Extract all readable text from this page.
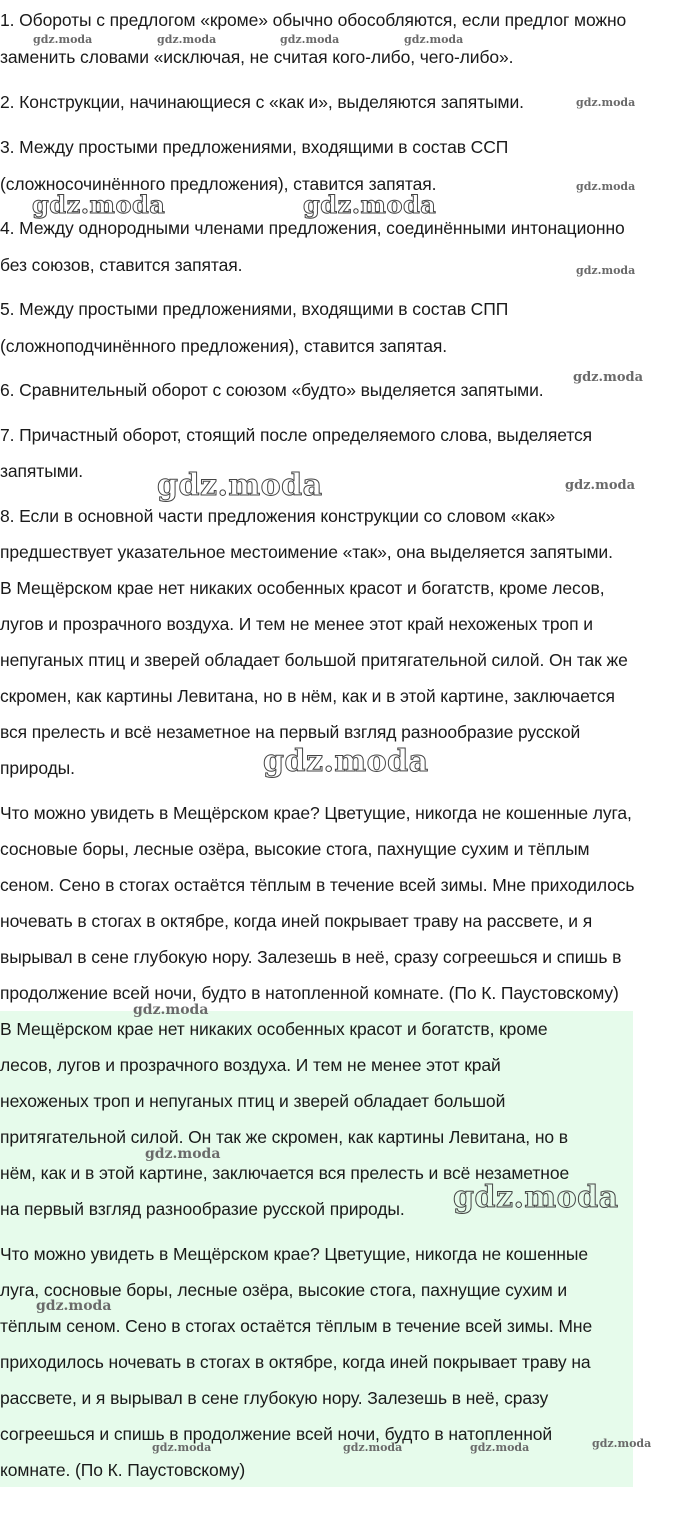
1. Обороты с предлогом «кроме» обычно обособляются, если предлог можно

заменить словами «исключая, не считая кого-либо, чего-либо».

2. Конструкции, начинающиеся с «как и», выделяются запятыми.

3. Между простыми предложениями, входящими в состав ССП

(сложносочинённого предложения), ставится запятая.

4. Между однородными членами предложения, соединёнными интонационно

без союзов, ставится запятая.

5. Между простыми предложениями, входящими в состав СПП

(сложноподчинённого предложения), ставится запятая.

6. Сравнительный оборот с союзом «будто» выделяется запятыми.

7. Причастный оборот, стоящий после определяемого слова, выделяется

запятыми.

8. Если в основной части предложения конструкции со словом «как»

предшествует указательное местоимение «так», она выделяется запятыми.

В Мещёрском крае нет никаких особенных красот и богатств, кроме лесов,

лугов и прозрачного воздуха. И тем не менее этот край нехоженых троп и

непуганых птиц и зверей обладает большой притягательной силой. Он так же

скромен, как картины Левитана, но в нём, как и в этой картине, заключается

вся прелесть и всё незаметное на первый взгляд разнообразие русской

природы.

Что можно увидеть в Мещёрском крае? Цветущие, никогда не кошенные луга,

сосновые боры, лесные озёра, высокие стога, пахнущие сухим и тёплым

сеном. Сено в стогах остаётся тёплым в течение всей зимы. Мне приходилось

ночевать в стогах в октябре, когда иней покрывает траву на рассвете, и я

вырывал в сене глубокую нору. Залезешь в неё, сразу согреешься и спишь в

продолжение всей ночи, будто в натопленной комнате. (По К. Паустовскому)

В Мещёрском крае нет никаких особенных красот и богатств, кроме

лесов, лугов и прозрачного воздуха. И тем не менее этот край

нехоженых троп и непуганых птиц и зверей обладает большой

притягательной силой. Он так же скромен, как картины Левитана, но в

нём, как и в этой картине, заключается вся прелесть и всё незаметное

на первый взгляд разнообразие русской природы.

Что можно увидеть в Мещёрском крае? Цветущие, никогда не кошенные

луга, сосновые боры, лесные озёра, высокие стога, пахнущие сухим и

тёплым сеном. Сено в стогах остаётся тёплым в течение всей зимы. Мне

приходилось ночевать в стогах в октябре, когда иней покрывает траву на

рассвете, и я вырывал в сене глубокую нору. Залезешь в неё, сразу

согреешься и спишь в продолжение всей ночи, будто в натопленной

комнате. (По К. Паустовскому)

gdz.moda	gdz.moda	gdz.moda	gdz.moda
gdz.moda
gdz.moda
gdz.moda
gdz.moda
gdz.moda
gdz.moda
gdz.moda
gdz.moda
gdz.moda	gdz.moda	gdz.moda	gdz.moda
gdz.moda	gdz.moda
gdz.moda
gdz.moda
gdz.moda
